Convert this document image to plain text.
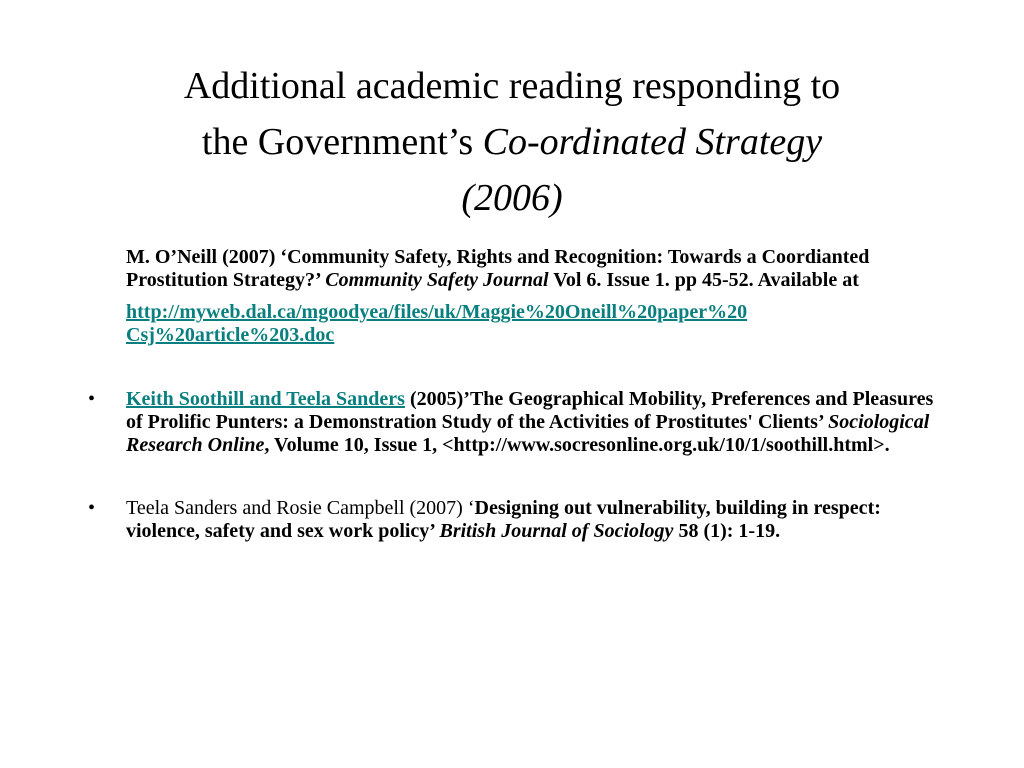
Additional academic reading responding to
the Government’s Co-ordinated Strategy
(2006)

M. O’Neill (2007) ‘Community Safety, Rights and Recognition: Towards a Coordianted Prostitution Strategy?’ Community Safety Journal Vol 6. Issue 1. pp 45-52. Available at

http://myweb.dal.ca/mgoodyea/files/uk/Maggie%20Oneill%20paper%20
Csj%20article%203.doc

• Keith Soothill and Teela Sanders (2005)’The Geographical Mobility, Preferences and Pleasures of Prolific Punters: a Demonstration Study of the Activities of Prostitutes' Clients’ Sociological Research Online, Volume 10, Issue 1, <http://www.socresonline.org.uk/10/1/soothill.html>.

• Teela Sanders and Rosie Campbell (2007) ‘Designing out vulnerability, building in respect: violence, safety and sex work policy’ British Journal of Sociology 58 (1): 1-19.
